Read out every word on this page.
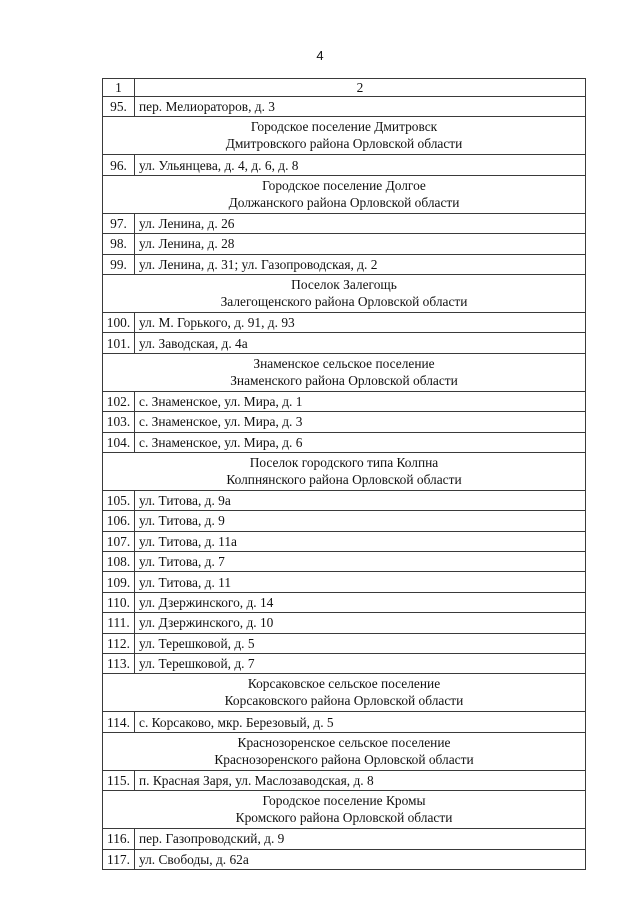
4
1	2
95.	пер. Мелиораторов, д. 3

Городское поселение Дмитровск
Дмитровского района Орловской области	

96.	ул. Ульянцева, д. 4, д. 6, д. 8

Городское поселение Долгое
Должанского района Орловской области	

97.	ул. Ленина, д. 26
98.	ул. Ленина, д. 28
99.	ул. Ленина, д. 31; ул. Газопроводская, д. 2

Поселок Залегощь
Залегощенского района Орловской области	

100.	ул. М. Горького, д. 91, д. 93
101.	ул. Заводская, д. 4а

Знаменское сельское поселение
Знаменского района Орловской области	

102.	с. Знаменское, ул. Мира, д. 1
103.	с. Знаменское, ул. Мира, д. 3
104.	с. Знаменское, ул. Мира, д. 6

Поселок городского типа Колпна
Колпнянского района Орловской области	

105.	ул. Титова, д. 9а
106.	ул. Титова, д. 9
107.	ул. Титова, д. 11а
108.	ул. Титова, д. 7
109.	ул. Титова, д. 11
110.	ул. Дзержинского, д. 14
111.	ул. Дзержинского, д. 10
112.	ул. Терешковой, д. 5
113.	ул. Терешковой, д. 7

Корсаковское сельское поселение
Корсаковского района Орловской области	

114.	с. Корсаково, мкр. Березовый, д. 5

Краснозоренское сельское поселение
Краснозоренского района Орловской области	

115.	п. Красная Заря, ул. Маслозаводская, д. 8

Городское поселение Кромы
Кромского района Орловской области	

116.	пер. Газопроводский, д. 9
117.	ул. Свободы, д. 62а
